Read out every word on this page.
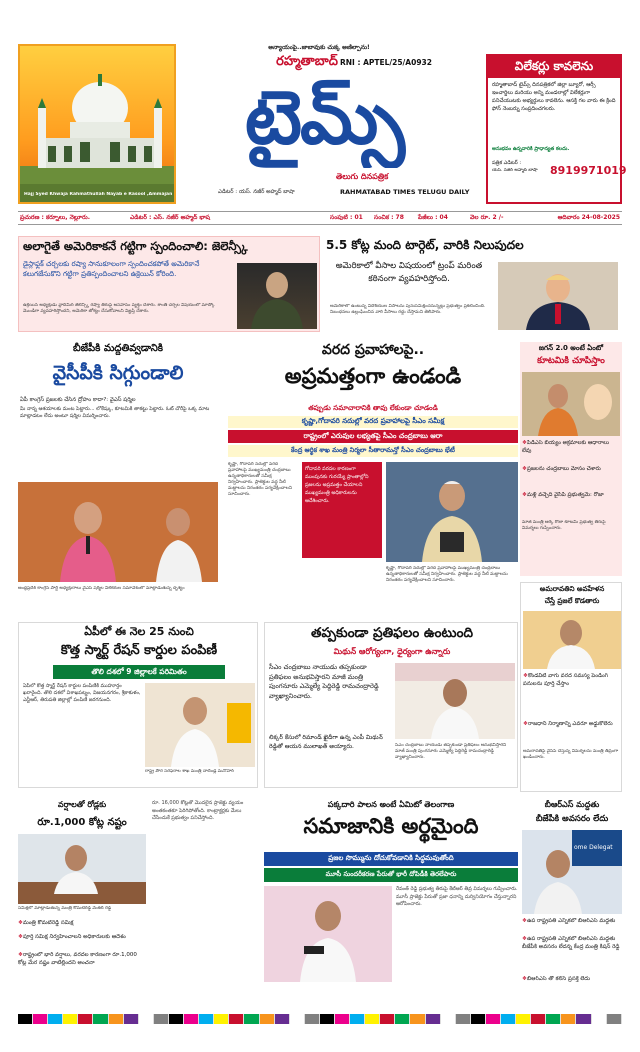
Hajj Syed Khwaja Rahmathullah Nayab e Rasool ,Ammajan
అన్యాయంపై..జాబావుకు చుక్క అణిల్పాను!
RNI : APTEL/25/A0932
రహ్మతాబాద్
టైమ్స్
తెలుగు దినపత్రిక
ఎడిటర్ : యస్. నజీర్ అహ్మద్ బాషా	RAHMATABAD TIMES TELUGU DAILY
విలేకర్లు కావలెను
రహ్మతాబాద్ టైమ్స్ దినపత్రికలో జిల్లా బ్యూరో, ఆర్సీ ఇంచార్జిలు మరియు అన్ని మండలాల్లో విలేకర్లుగా పనిచేయుటకు అభ్యర్థులు కావలెను. ఆసక్తి గల వారు ఈ క్రింది ఫోన్ నెంబర్ను సంప్రదించగలరు.
అనుభవం ఉన్నవారికి ప్రాధాన్యత కలదు.
పత్రిక ఎడిటర్ :
యస్. నజీర్ అహ్మద్ బాషా	8919971019
ప్రచురణ : కర్నూలు, నెల్లూరు.	ఎడిటర్ : ఎస్. నజీర్ అహ్మద్ భాష	సంపుటి : 01	సంచిక : 78	పేజీలు : 04	వెల రూ. 2 /-	ఆదివారం 24-08-2025
అలాగైతే అమెరికాకనే గట్టిగా స్పందించాలి: జెలెన్స్కీ
డైస్లాఫ్లక్ చర్చలకు రష్యా సానుకూలంగా స్పందించకపోతే అమెరికానే కలుగజేసుకొని గట్టిగా ప్రతిస్పందించాలని ఉక్రెయిన్ కోరింది.
ఉక్రెయిన్ అధ్యక్షుడు వ్లాదిమిర్ జెలెన్స్కీ రష్యా తీరుపై అసహనం వ్యక్తం చేశారు. శాంతి చర్చల విషయంలో మాస్కో మొండిగా వ్యవహరిస్తోందని, అమెరికా జోక్యం చేసుకోవాలని విజ్ఞప్తి చేశారు.
5.5 కోట్ల మంది టార్గెట్, వారికి నిలుపుదల
అమెరికాలో వీసాల విషయంలో ట్రంప్ మరింత కఠినంగా వ్యవహరిస్తోంది.
అమెరికాలో ఉంటున్న విదేశీయుల వీసాలను పునఃసమీక్షించనున్నట్లు ప్రభుత్వం ప్రకటించింది. నిబంధనలు ఉల్లంఘించిన వారి వీసాలు రద్దు చేస్తామని తెలిపారు.
బీజేపీకి మద్దతివ్వడానికి
వైసీపీకి సిగ్గుండాలి
ఏపీ కాంగ్రెస్ ప్రజలకు చేసిన ద్రోహం కాదా?: వైఎస్ షర్మిల
మీ నాన్న ఆశయాలకు మంట పెట్టారు... లోకేష్కు, కూటమికి తాకట్టు పెట్టారు. ఓట్ చోరీపై ఒక్క మాట మాట్లాడటం లేదు అంటూ షర్మిల విమర్శించారు.
ఆంధ్రప్రదేశ్ కాంగ్రెస్ పార్టీ అధ్యక్షురాలు వైఎస్ షర్మిల విలేకరుల సమావేశంలో మాట్లాడుతున్న దృశ్యం
వరద ప్రవాహాలపై..
అప్రమత్తంగా ఉండండి
తప్పుడు సమాచారానికి తావు లేకుండా చూడండి
కృష్ణా,గోదావరి నదుల్లో వరద ప్రవాహాలపై సీఎం సమీక్ష
రాష్ట్రంలో ఎరువుల లభ్యతపై సీఎం చంద్రబాబు ఆరా
కేంద్ర ఆర్థిక శాఖ మంత్రి నిర్మలా సీతారామన్తో సీఎం చంద్రబాబు భేటీ
కృష్ణా, గోదావరి నదుల్లో వరద ప్రవాహాలపై ముఖ్యమంత్రి చంద్రబాబు ఉన్నతాధికారులతో సమీక్ష నిర్వహించారు. ప్రాజెక్టుల వద్ద నీటి మట్టాలను నిరంతరం పర్యవేక్షించాలని సూచించారు.
గోదావరి వరదల కారణంగా ముంపునకు గురయ్యే ప్రాంతాల్లోని ప్రజలను అప్రమత్తం చేయాలని ముఖ్యమంత్రి అధికారులను ఆదేశించారు.
కృష్ణా, గోదావరి నదుల్లో వరద ప్రవాహాలపై ముఖ్యమంత్రి చంద్రబాబు ఉన్నతాధికారులతో సమీక్ష నిర్వహించారు. ప్రాజెక్టుల వద్ద నీటి మట్టాలను నిరంతరం పర్యవేక్షించాలని సూచించారు.
జగన్ 2.0 అంటే ఏంటో
కూటమికి చూపిస్తాం
❖పీడీఎస్ బియ్యం అక్రమాలకు ఆధారాలు లేవు
❖ప్రజలను చంద్రబాబు మోసం చేశారు
❖మళ్లీ వచ్చేది వైసీపీ ప్రభుత్వమే: రోజా
మాజీ మంత్రి ఆర్కే రోజా కూటమి ప్రభుత్వ తీరుపై విమర్శలు గుప్పించారు.
అమరావతిని అవహేళన
చేస్తే ప్రజలే కొడతారు
❖కొండవీటి వాగు వరద సమస్య పెండింగ్ పనులను పూర్తి చేస్తాం
❖రాజధాని నిర్మాణాన్ని ఎవరూ అడ్డుకోలేరు
అమరావతిపై వైసీపీ చేస్తున్న విమర్శలను మంత్రి తీవ్రంగా ఖండించారు.
ఏపీలో ఈ నెల 25 నుంచి
కొత్త స్మార్ట్ రేషన్ కార్డుల పంపిణీ
తొలి దశలో 9 జిల్లాలకే పరిమితం
ఏపీలో కొత్త స్మార్ట్ రేషన్ కార్డుల పంపిణీకి ముహూర్తం ఖరారైంది. తొలి దశలో విశాఖపట్నం, విజయనగరం, శ్రీకాకుళం, ఎన్టీఆర్, తిరుపతి జిల్లాల్లో పంపిణీ జరగనుంది.
రాష్ట్ర పౌర సరఫరాల శాఖ మంత్రి నాదెండ్ల మనోహర్
తప్పకుండా ప్రతిఫలం ఉంటుంది
మిథున్ ఆరోగ్యంగా, ధైర్యంగా ఉన్నారు
సీఎం చంద్రబాబు నాయుడు తప్పకుండా ప్రతిఫలం అనుభవిస్తారని మాజీ మంత్రి పుంగనూరు ఎమ్మెల్యే పెద్దిరెడ్డి రామచంద్రారెడ్డి వ్యాఖ్యానించారు.
లిక్కర్ కేసులో రిమాండ్ ఖైదీగా ఉన్న ఎంపీ మిథున్ రెడ్డితో ఆయన ములాఖత్ అయ్యారు.	సీఎం చంద్రబాబు నాయుడు తప్పకుండా ప్రతిఫలం అనుభవిస్తారని మాజీ మంత్రి పుంగనూరు ఎమ్మెల్యే పెద్దిరెడ్డి రామచంద్రారెడ్డి వ్యాఖ్యానించారు.
వర్షాలతో రోడ్లకు
రూ.1,000 కోట్ల నష్టం
సమీక్షలో మాట్లాడుతున్న మంత్రి కోమటిరెడ్డి వెంకట్ రెడ్డి
❖మంత్రి కోమటిరెడ్డి సమీక్ష
❖పూర్తి సమీక్ష నిర్వహించాలని అధికారులకు ఆదేశం
❖రాష్ట్రంలో భారీ వర్షాలు, వరదల కారణంగా రూ.1,000 కోట్ల మేర నష్టం వాటిల్లిందని అంచనా
రూ. 16,000 కోట్లతో మొదలైన ప్రాజెక్టు వ్యయం అంతకంతకూ పెరిగిపోతోంది. కాంట్రాక్టర్లకు మేలు చేసేందుకే ప్రభుత్వం పనిచేస్తోంది.
పక్కదారి పాలన అంటే ఏమిటో తెలంగాణ
సమాజానికి అర్థమైంది
ప్రజల సొమ్మును దోచుకోవడానికి సిద్ధమవుతోంది
మూసీ సుందరీకరణ పేరుతో భారీ దోపిడీకి తెరలేపారు
రేవంత్ రెడ్డి ప్రభుత్వ తీరుపై కేటీఆర్ తీవ్ర విమర్శలు గుప్పించారు. మూసీ ప్రాజెక్టు పేరుతో ప్రజా ధనాన్ని దుర్వినియోగం చేస్తున్నారని ఆరోపించారు.
బీఆర్ఎస్ మద్దతు
బీజేపీకి అవసరం లేదు
ome Delegat
❖ఉప రాష్ట్రపతి ఎన్నికలో బీఆర్ఎస్ మద్దతు
❖ఉప రాష్ట్రపతి ఎన్నికలో బీఆర్ఎస్ మద్దతు బీజేపీకి అవసరం లేదన్న కేంద్ర మంత్రి కిషన్ రెడ్డి
❖బీఆర్ఎస్ తో కలిసే ప్రసక్తే లేదు
